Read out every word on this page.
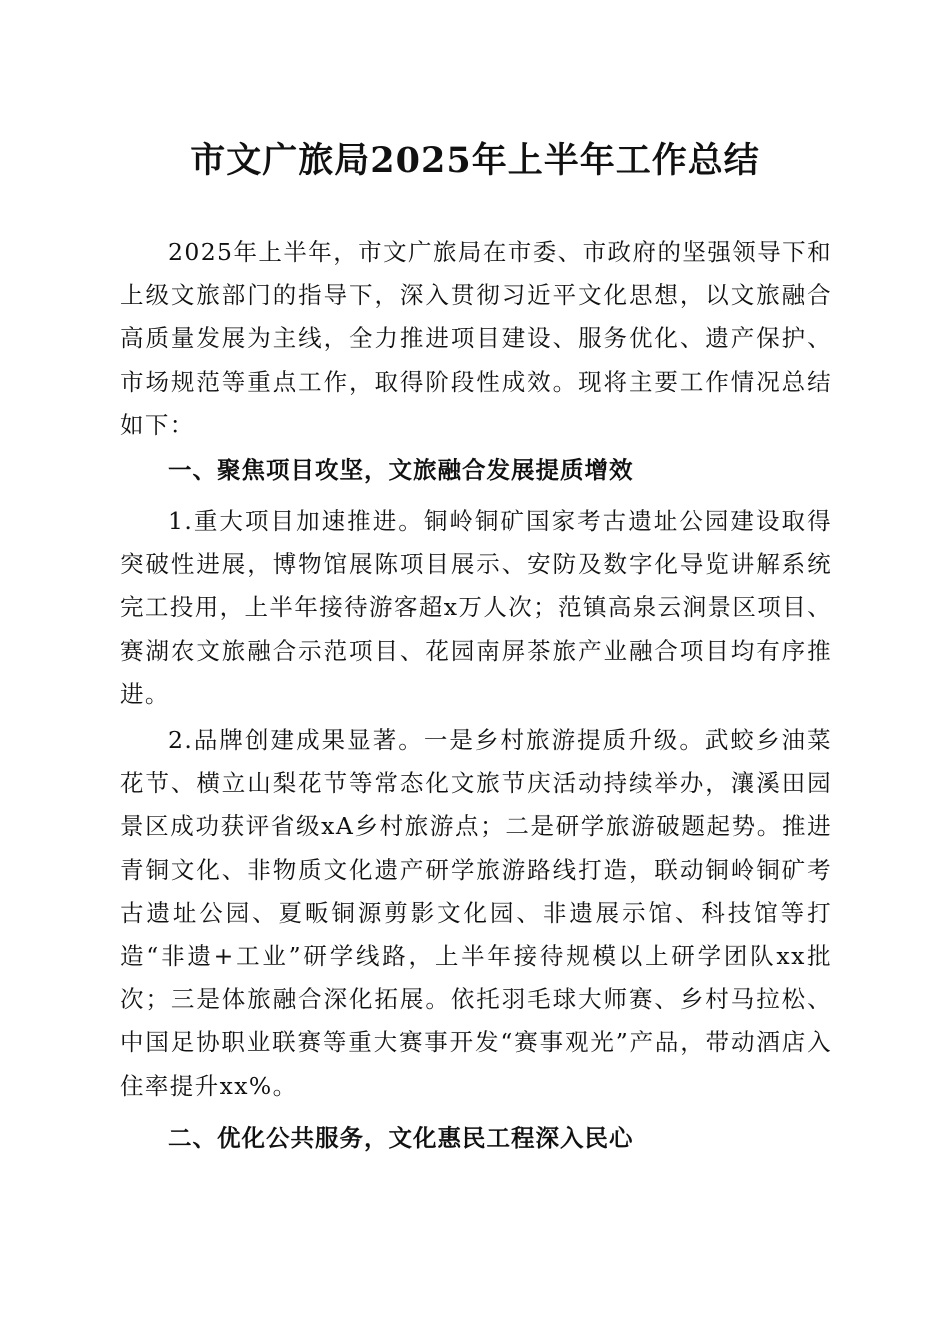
市文广旅局2025年上半年工作总结

2025年上半年，市文广旅局在市委、市政府的坚强领导下和上级文旅部门的指导下，深入贯彻习近平文化思想，以文旅融合高质量发展为主线，全力推进项目建设、服务优化、遗产保护、市场规范等重点工作，取得阶段性成效。现将主要工作情况总结如下：

一、聚焦项目攻坚，文旅融合发展提质增效

1.重大项目加速推进。铜岭铜矿国家考古遗址公园建设取得突破性进展，博物馆展陈项目展示、安防及数字化导览讲解系统完工投用，上半年接待游客超x万人次；范镇高泉云涧景区项目、赛湖农文旅融合示范项目、花园南屏茶旅产业融合项目均有序推进。

2.品牌创建成果显著。一是乡村旅游提质升级。武蛟乡油菜花节、横立山梨花节等常态化文旅节庆活动持续举办，瀼溪田园景区成功获评省级xA乡村旅游点；二是研学旅游破题起势。推进青铜文化、非物质文化遗产研学旅游路线打造，联动铜岭铜矿考古遗址公园、夏畈铜源剪影文化园、非遗展示馆、科技馆等打造“非遗+工业”研学线路，上半年接待规模以上研学团队xx批次；三是体旅融合深化拓展。依托羽毛球大师赛、乡村马拉松、中国足协职业联赛等重大赛事开发“赛事观光”产品，带动酒店入住率提升xx%。

二、优化公共服务，文化惠民工程深入民心
